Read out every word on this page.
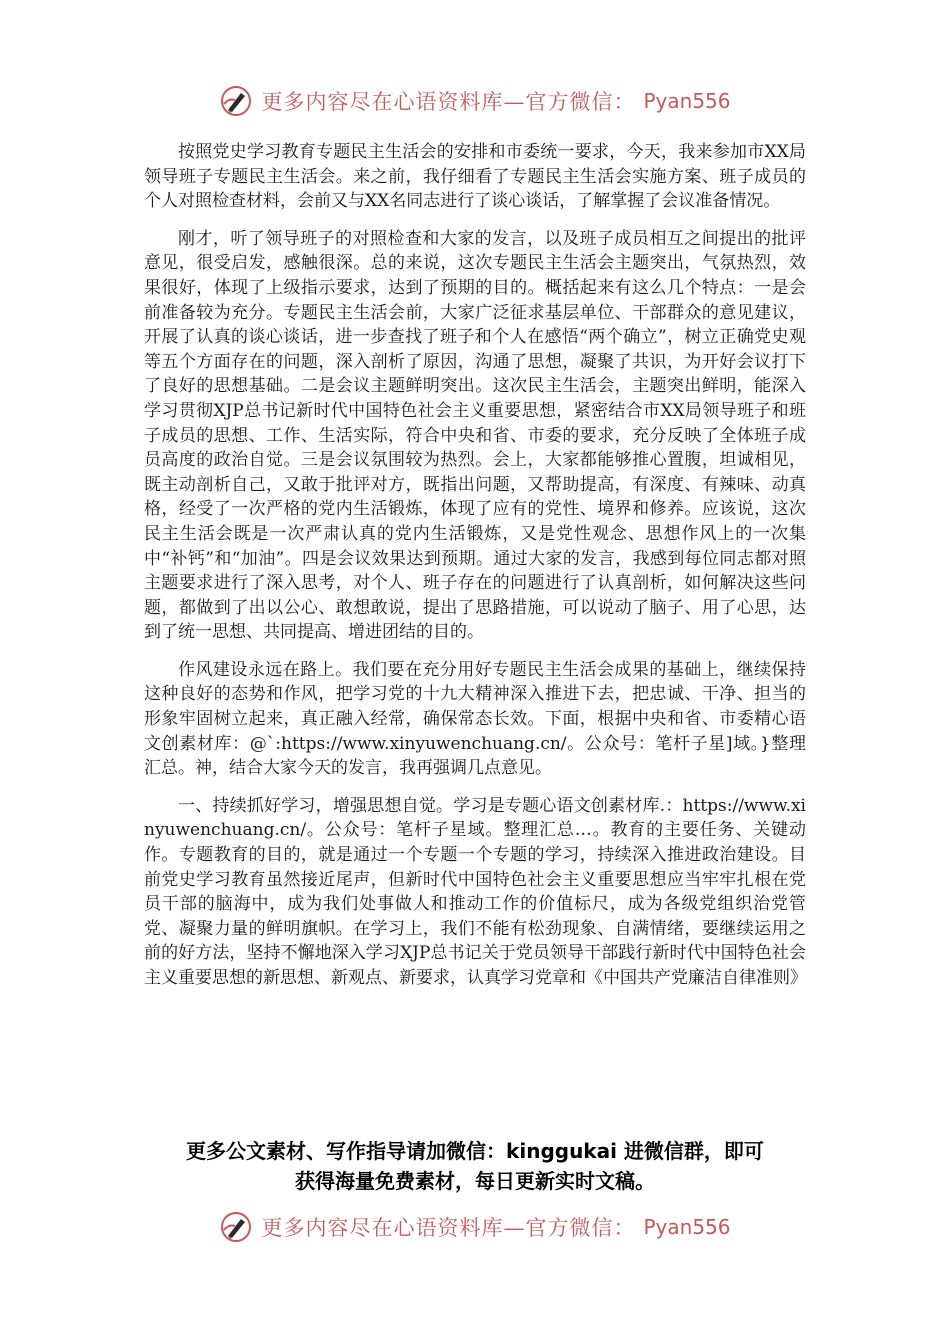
更多内容尽在心语资料库—官方微信： Pyan556

按照党史学习教育专题民主生活会的安排和市委统一要求，今天，我来参加市XX局领导班子专题民主生活会。来之前，我仔细看了专题民主生活会实施方案、班子成员的个人对照检查材料，会前又与XX名同志进行了谈心谈话，了解掌握了会议准备情况。

刚才，听了领导班子的对照检查和大家的发言，以及班子成员相互之间提出的批评意见，很受启发，感触很深。总的来说，这次专题民主生活会主题突出，气氛热烈，效果很好，体现了上级指示要求，达到了预期的目的。概括起来有这么几个特点：一是会前准备较为充分。专题民主生活会前，大家广泛征求基层单位、干部群众的意见建议，开展了认真的谈心谈话，进一步查找了班子和个人在感悟“两个确立”，树立正确党史观等五个方面存在的问题，深入剖析了原因，沟通了思想，凝聚了共识，为开好会议打下了良好的思想基础。二是会议主题鲜明突出。这次民主生活会，主题突出鲜明，能深入学习贯彻XJP总书记新时代中国特色社会主义重要思想，紧密结合市XX局领导班子和班子成员的思想、工作、生活实际，符合中央和省、市委的要求，充分反映了全体班子成员高度的政治自觉。三是会议氛围较为热烈。会上，大家都能够推心置腹，坦诚相见，既主动剖析自己，又敢于批评对方，既指出问题，又帮助提高，有深度、有辣味、动真格，经受了一次严格的党内生活锻炼，体现了应有的党性、境界和修养。应该说，这次民主生活会既是一次严肃认真的党内生活锻炼，又是党性观念、思想作风上的一次集中“补钙”和“加油”。四是会议效果达到预期。通过大家的发言，我感到每位同志都对照主题要求进行了深入思考，对个人、班子存在的问题进行了认真剖析，如何解决这些问题，都做到了出以公心、敢想敢说，提出了思路措施，可以说动了脑子、用了心思，达到了统一思想、共同提高、增进团结的目的。

作风建设永远在路上。我们要在充分用好专题民主生活会成果的基础上，继续保持这种良好的态势和作风，把学习党的十九大精神深入推进下去，把忠诚、干净、担当的形象牢固树立起来，真正融入经常，确保常态长效。下面，根据中央和省、市委精心语文创素材库：@`:https://www.xinyuwenchuang.cn/。公众号：笔杆子星]域。}整理汇总。神，结合大家今天的发言，我再强调几点意见。

一、持续抓好学习，增强思想自觉。学习是专题心语文创素材库.：https://www.xinyuwenchuang.cn/。公众号：笔杆子星域。整理汇总…。教育的主要任务、关键动作。专题教育的目的，就是通过一个专题一个专题的学习，持续深入推进政治建设。目前党史学习教育虽然接近尾声，但新时代中国特色社会主义重要思想应当牢牢扎根在党员干部的脑海中，成为我们处事做人和推动工作的价值标尺，成为各级党组织治党管党、凝聚力量的鲜明旗帜。在学习上，我们不能有松劲现象、自满情绪，要继续运用之前的好方法，坚持不懈地深入学习XJP总书记关于党员领导干部践行新时代中国特色社会主义重要思想的新思想、新观点、新要求，认真学习党章和《中国共产党廉洁自律准则》

更多公文素材、写作指导请加微信：kinggukai 进微信群，即可
获得海量免费素材，每日更新实时文稿。
更多内容尽在心语资料库—官方微信： Pyan556
